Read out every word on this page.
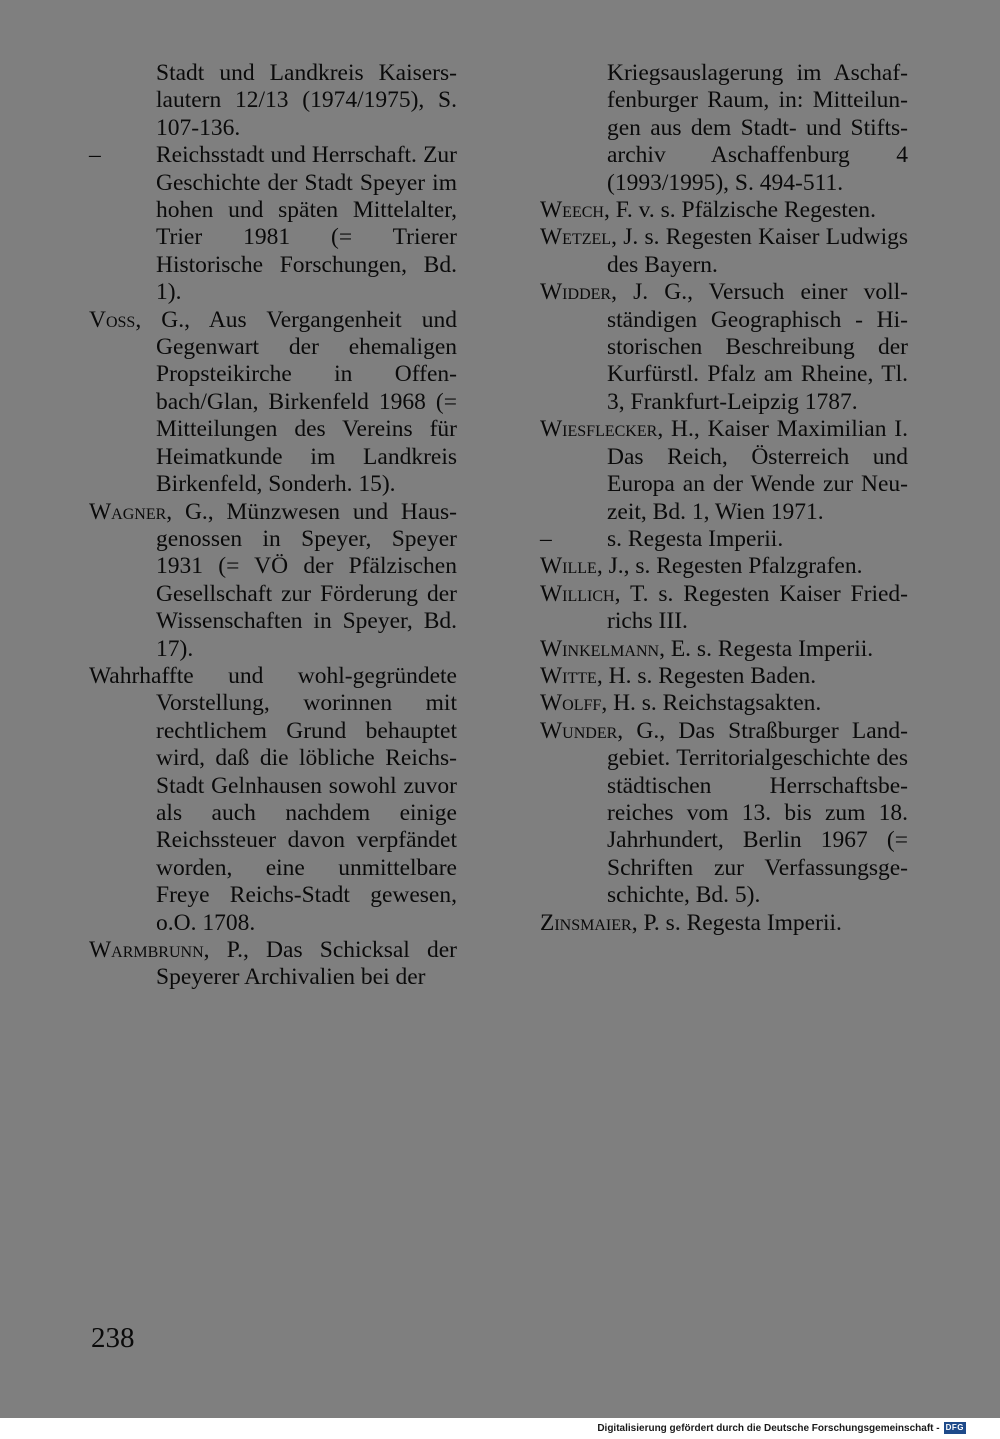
Stadt und Landkreis Kaiserslautern 12/13 (1974/1975), S. 107-136.

– Reichsstadt und Herrschaft. Zur Geschichte der Stadt Speyer im hohen und späten Mittelalter, Trier 1981 (= Trierer Historische Forschungen, Bd. 1).

Voss, G., Aus Vergangenheit und Gegenwart der ehemaligen Propsteikirche in Offenbach/Glan, Birkenfeld 1968 (= Mitteilungen des Vereins für Heimatkunde im Landkreis Birkenfeld, Sonderh. 15).

Wagner, G., Münzwesen und Hausgenossen in Speyer, Speyer 1931 (= VÖ der Pfälzischen Gesellschaft zur Förderung der Wissenschaften in Speyer, Bd. 17).

Wahrhaffte und wohl-gegründete Vorstellung, worinnen mit rechtlichem Grund behauptet wird, daß die löbliche Reichs-Stadt Gelnhausen sowohl zuvor als auch nachdem einige Reichssteuer davon verpfändet worden, eine unmittelbare Freye Reichs-Stadt gewesen, o.O. 1708.

Warmbrunn, P., Das Schicksal der Speyerer Archivalien bei der

Kriegsauslagerung im Aschaffenburger Raum, in: Mitteilungen aus dem Stadt- und Stiftsarchiv Aschaffenburg 4 (1993/1995), S. 494-511.

Weech, F. v. s. Pfälzische Regesten.

Wetzel, J. s. Regesten Kaiser Ludwigs des Bayern.

Widder, J. G., Versuch einer vollständigen Geographisch - Historischen Beschreibung der Kurfürstl. Pfalz am Rheine, Tl. 3, Frankfurt-Leipzig 1787.

Wiesflecker, H., Kaiser Maximilian I. Das Reich, Österreich und Europa an der Wende zur Neuzeit, Bd. 1, Wien 1971.

– s. Regesta Imperii.

Wille, J., s. Regesten Pfalzgrafen.

Willich, T. s. Regesten Kaiser Friedrichs III.

Winkelmann, E. s. Regesta Imperii.

Witte, H. s. Regesten Baden.

Wolff, H. s. Reichstagsakten.

Wunder, G., Das Straßburger Landgebiet. Territorialgeschichte des städtischen Herrschaftsbereiches vom 13. bis zum 18. Jahrhundert, Berlin 1967 (= Schriften zur Verfassungsgeschichte, Bd. 5).

Zinsmaier, P. s. Regesta Imperii.

238
Digitalisierung gefördert durch die Deutsche Forschungsgemeinschaft - DFG
